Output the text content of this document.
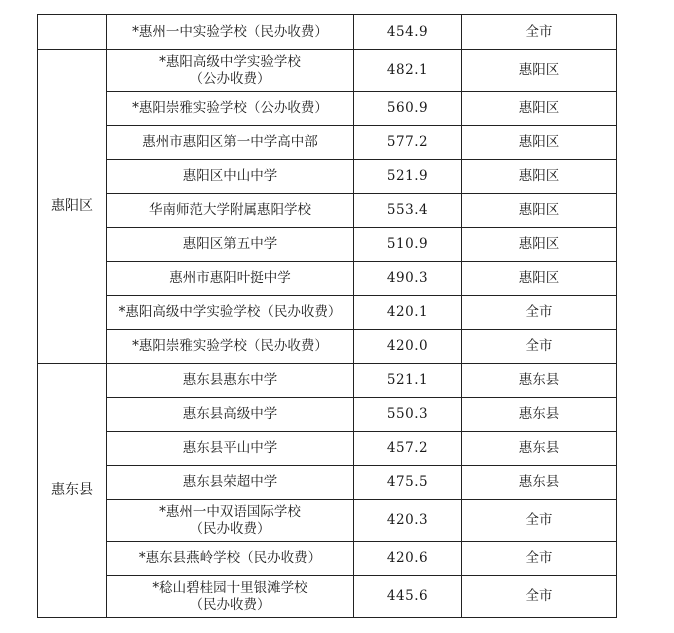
	*惠州一中实验学校（民办收费）	454.9	全市
惠阳区	*惠阳高级中学实验学校
（公办收费）	482.1	惠阳区
	*惠阳崇雅实验学校（公办收费）	560.9	惠阳区
	惠州市惠阳区第一中学高中部	577.2	惠阳区
	惠阳区中山中学	521.9	惠阳区
	华南师范大学附属惠阳学校	553.4	惠阳区
	惠阳区第五中学	510.9	惠阳区
	惠州市惠阳叶挺中学	490.3	惠阳区
	*惠阳高级中学实验学校（民办收费）	420.1	全市
	*惠阳崇雅实验学校（民办收费）	420.0	全市
惠东县	惠东县惠东中学	521.1	惠东县
	惠东县高级中学	550.3	惠东县
	惠东县平山中学	457.2	惠东县
	惠东县荣超中学	475.5	惠东县

	*惠州一中双语国际学校
（民办收费）	420.3	全市
	*惠东县燕岭学校（民办收费）	420.6	全市

	*稔山碧桂园十里银滩学校
（民办收费）	445.6	全市
